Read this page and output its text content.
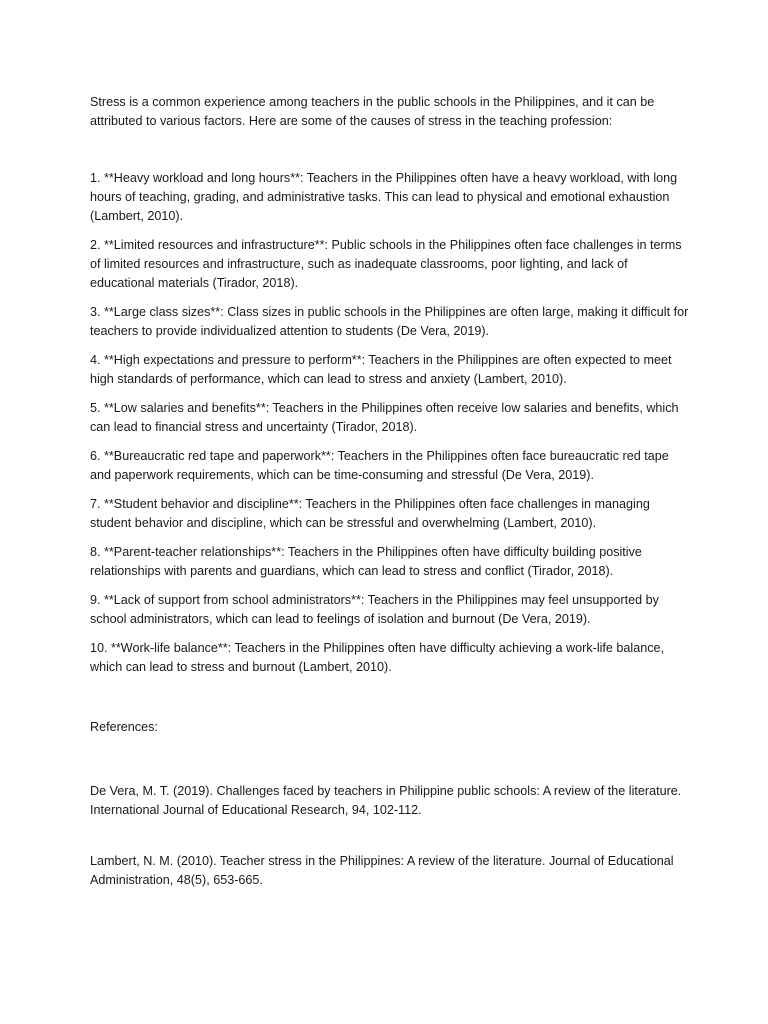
Stress is a common experience among teachers in the public schools in the Philippines, and it can be attributed to various factors. Here are some of the causes of stress in the teaching profession:

1. **Heavy workload and long hours**: Teachers in the Philippines often have a heavy workload, with long hours of teaching, grading, and administrative tasks. This can lead to physical and emotional exhaustion (Lambert, 2010).

2. **Limited resources and infrastructure**: Public schools in the Philippines often face challenges in terms of limited resources and infrastructure, such as inadequate classrooms, poor lighting, and lack of educational materials (Tirador, 2018).

3. **Large class sizes**: Class sizes in public schools in the Philippines are often large, making it difficult for teachers to provide individualized attention to students (De Vera, 2019).

4. **High expectations and pressure to perform**: Teachers in the Philippines are often expected to meet high standards of performance, which can lead to stress and anxiety (Lambert, 2010).

5. **Low salaries and benefits**: Teachers in the Philippines often receive low salaries and benefits, which can lead to financial stress and uncertainty (Tirador, 2018).

6. **Bureaucratic red tape and paperwork**: Teachers in the Philippines often face bureaucratic red tape and paperwork requirements, which can be time-consuming and stressful (De Vera, 2019).

7. **Student behavior and discipline**: Teachers in the Philippines often face challenges in managing student behavior and discipline, which can be stressful and overwhelming (Lambert, 2010).

8. **Parent-teacher relationships**: Teachers in the Philippines often have difficulty building positive relationships with parents and guardians, which can lead to stress and conflict (Tirador, 2018).

9. **Lack of support from school administrators**: Teachers in the Philippines may feel unsupported by school administrators, which can lead to feelings of isolation and burnout (De Vera, 2019).

10. **Work-life balance**: Teachers in the Philippines often have difficulty achieving a work-life balance, which can lead to stress and burnout (Lambert, 2010).

References:

De Vera, M. T. (2019). Challenges faced by teachers in Philippine public schools: A review of the literature. International Journal of Educational Research, 94, 102-112.

Lambert, N. M. (2010). Teacher stress in the Philippines: A review of the literature. Journal of Educational Administration, 48(5), 653-665.
